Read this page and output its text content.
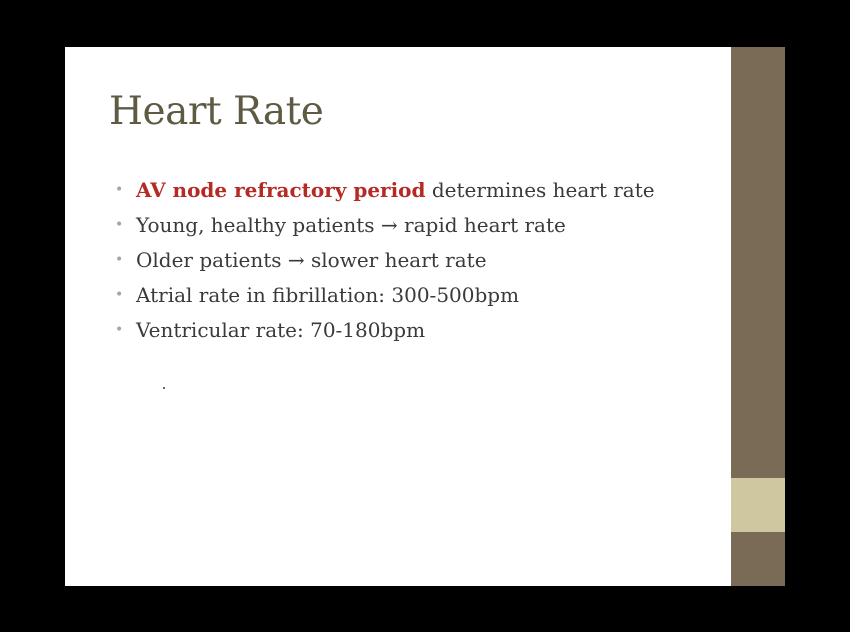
Heart Rate
• AV node refractory period determines heart rate
• Young, healthy patients → rapid heart rate
• Older patients → slower heart rate
• Atrial rate in fibrillation: 300-500bpm
• Ventricular rate: 70-180bpm
